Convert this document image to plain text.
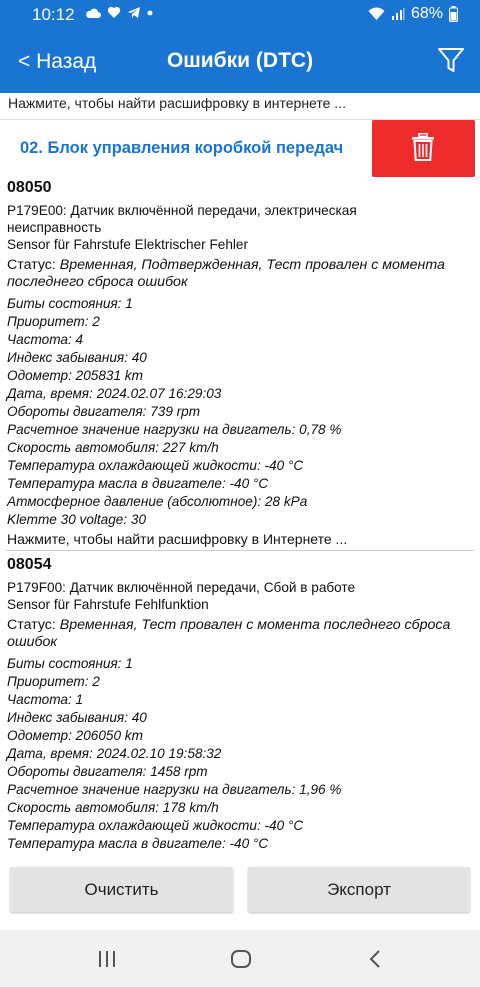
10:12	68%
< Назад	Ошибки (DTC)
Нажмите, чтобы найти расшифровку в интернете ...
02. Блок управления коробкой передач
08050
P179E00: Датчик включённой передачи, электрическая
неисправность
Sensor für Fahrstufe Elektrischer Fehler
Статус: Временная, Подтвержденная, Тест провален с момента
последнего сброса ошибок
Биты состояния: 1
Приоритет: 2
Частота: 4
Индекс забывания: 40
Одометр: 205831 km
Дата, время: 2024.02.07 16:29:03
Обороты двигателя: 739 rpm
Расчетное значение нагрузки на двигатель: 0,78 %
Скорость автомобиля: 227 km/h
Температура охлаждающей жидкости: -40 °C
Температура масла в двигателе: -40 °C
Атмосферное давление (абсолютное): 28 kPa
Klemme 30 voltage: 30
Нажмите, чтобы найти расшифровку в Интернете ...
08054
P179F00: Датчик включённой передачи, Сбой в работе
Sensor für Fahrstufe Fehlfunktion
Статус: Временная, Тест провален с момента последнего сброса
ошибок
Биты состояния: 1
Приоритет: 2
Частота: 1
Индекс забывания: 40
Одометр: 206050 km
Дата, время: 2024.02.10 19:58:32
Обороты двигателя: 1458 rpm
Расчетное значение нагрузки на двигатель: 1,96 %
Скорость автомобиля: 178 km/h
Температура охлаждающей жидкости: -40 °C
Температура масла в двигателе: -40 °C
Очистить	Экспорт
